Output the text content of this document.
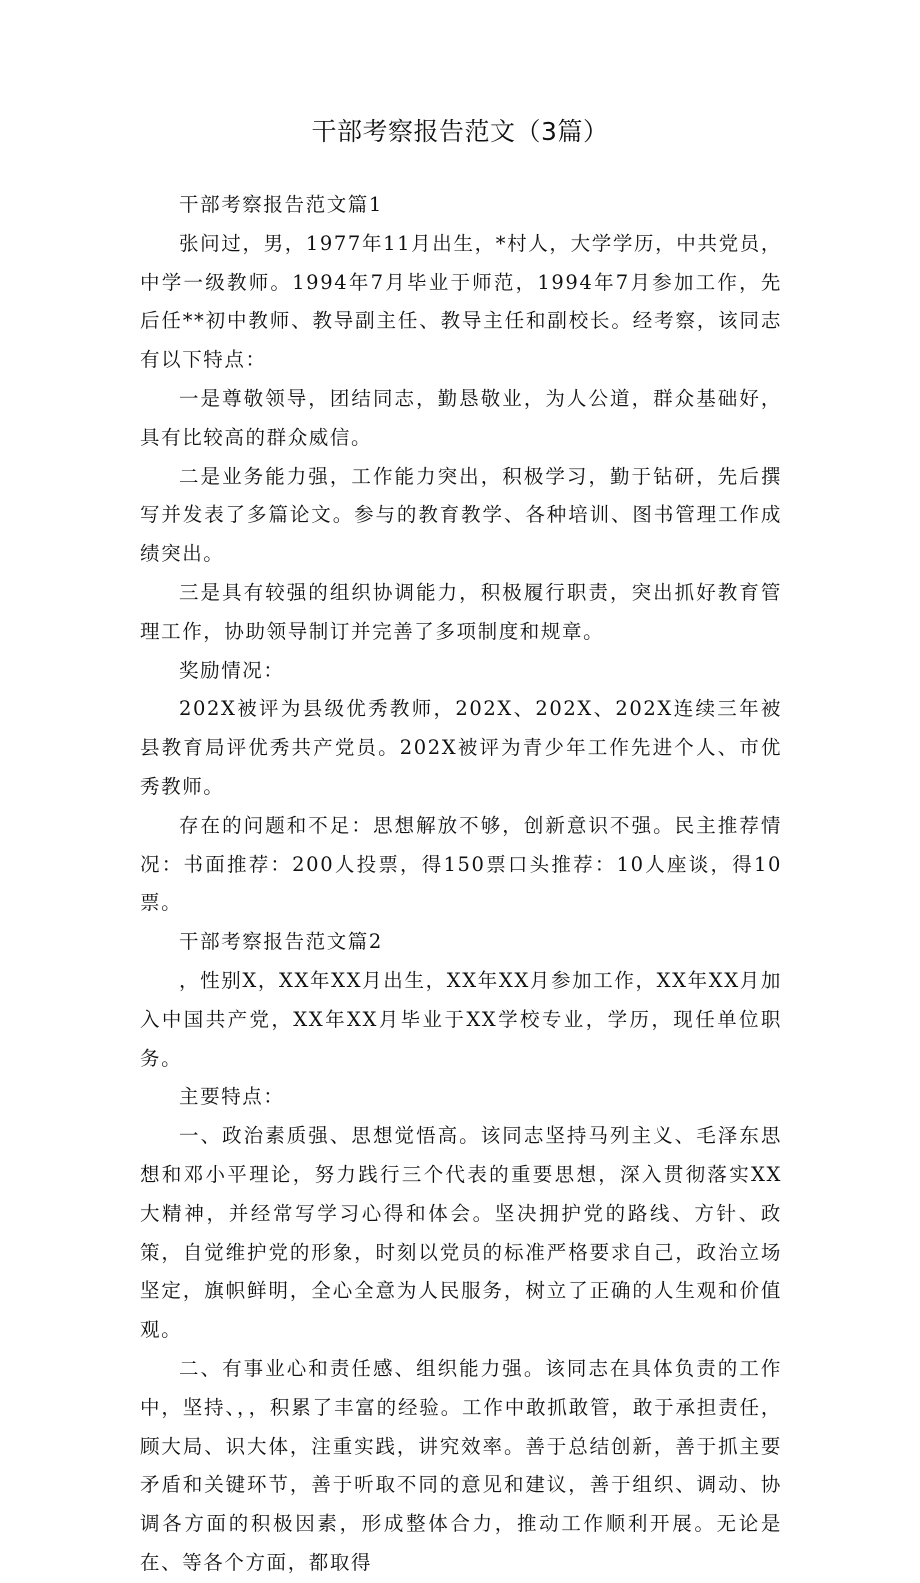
干部考察报告范文（3篇）

干部考察报告范文篇1

张问过，男，1977年11月出生，*村人，大学学历，中共党员，中学一级教师。1994年7月毕业于师范，1994年7月参加工作，先后任**初中教师、教导副主任、教导主任和副校长。经考察，该同志有以下特点：

一是尊敬领导，团结同志，勤恳敬业，为人公道，群众基础好，具有比较高的群众威信。

二是业务能力强，工作能力突出，积极学习，勤于钻研，先后撰写并发表了多篇论文。参与的教育教学、各种培训、图书管理工作成绩突出。

三是具有较强的组织协调能力，积极履行职责，突出抓好教育管理工作，协助领导制订并完善了多项制度和规章。

奖励情况：

202X被评为县级优秀教师，202X、202X、202X连续三年被县教育局评优秀共产党员。202X被评为青少年工作先进个人、市优秀教师。

存在的问题和不足：思想解放不够，创新意识不强。民主推荐情况：书面推荐：200人投票，得150票口头推荐：10人座谈，得10票。

干部考察报告范文篇2

，性别X，XX年XX月出生，XX年XX月参加工作，XX年XX月加入中国共产党，XX年XX月毕业于XX学校专业，学历，现任单位职务。

主要特点：

一、政治素质强、思想觉悟高。该同志坚持马列主义、毛泽东思想和邓小平理论，努力践行三个代表的重要思想，深入贯彻落实XX大精神，并经常写学习心得和体会。坚决拥护党的路线、方针、政策，自觉维护党的形象，时刻以党员的标准严格要求自己，政治立场坚定，旗帜鲜明，全心全意为人民服务，树立了正确的人生观和价值观。

二、有事业心和责任感、组织能力强。该同志在具体负责的工作中，坚持、，，积累了丰富的经验。工作中敢抓敢管，敢于承担责任，顾大局、识大体，注重实践，讲究效率。善于总结创新，善于抓主要矛盾和关键环节，善于听取不同的意见和建议，善于组织、调动、协调各方面的积极因素，形成整体合力，推动工作顺利开展。无论是在、等各个方面，都取得
